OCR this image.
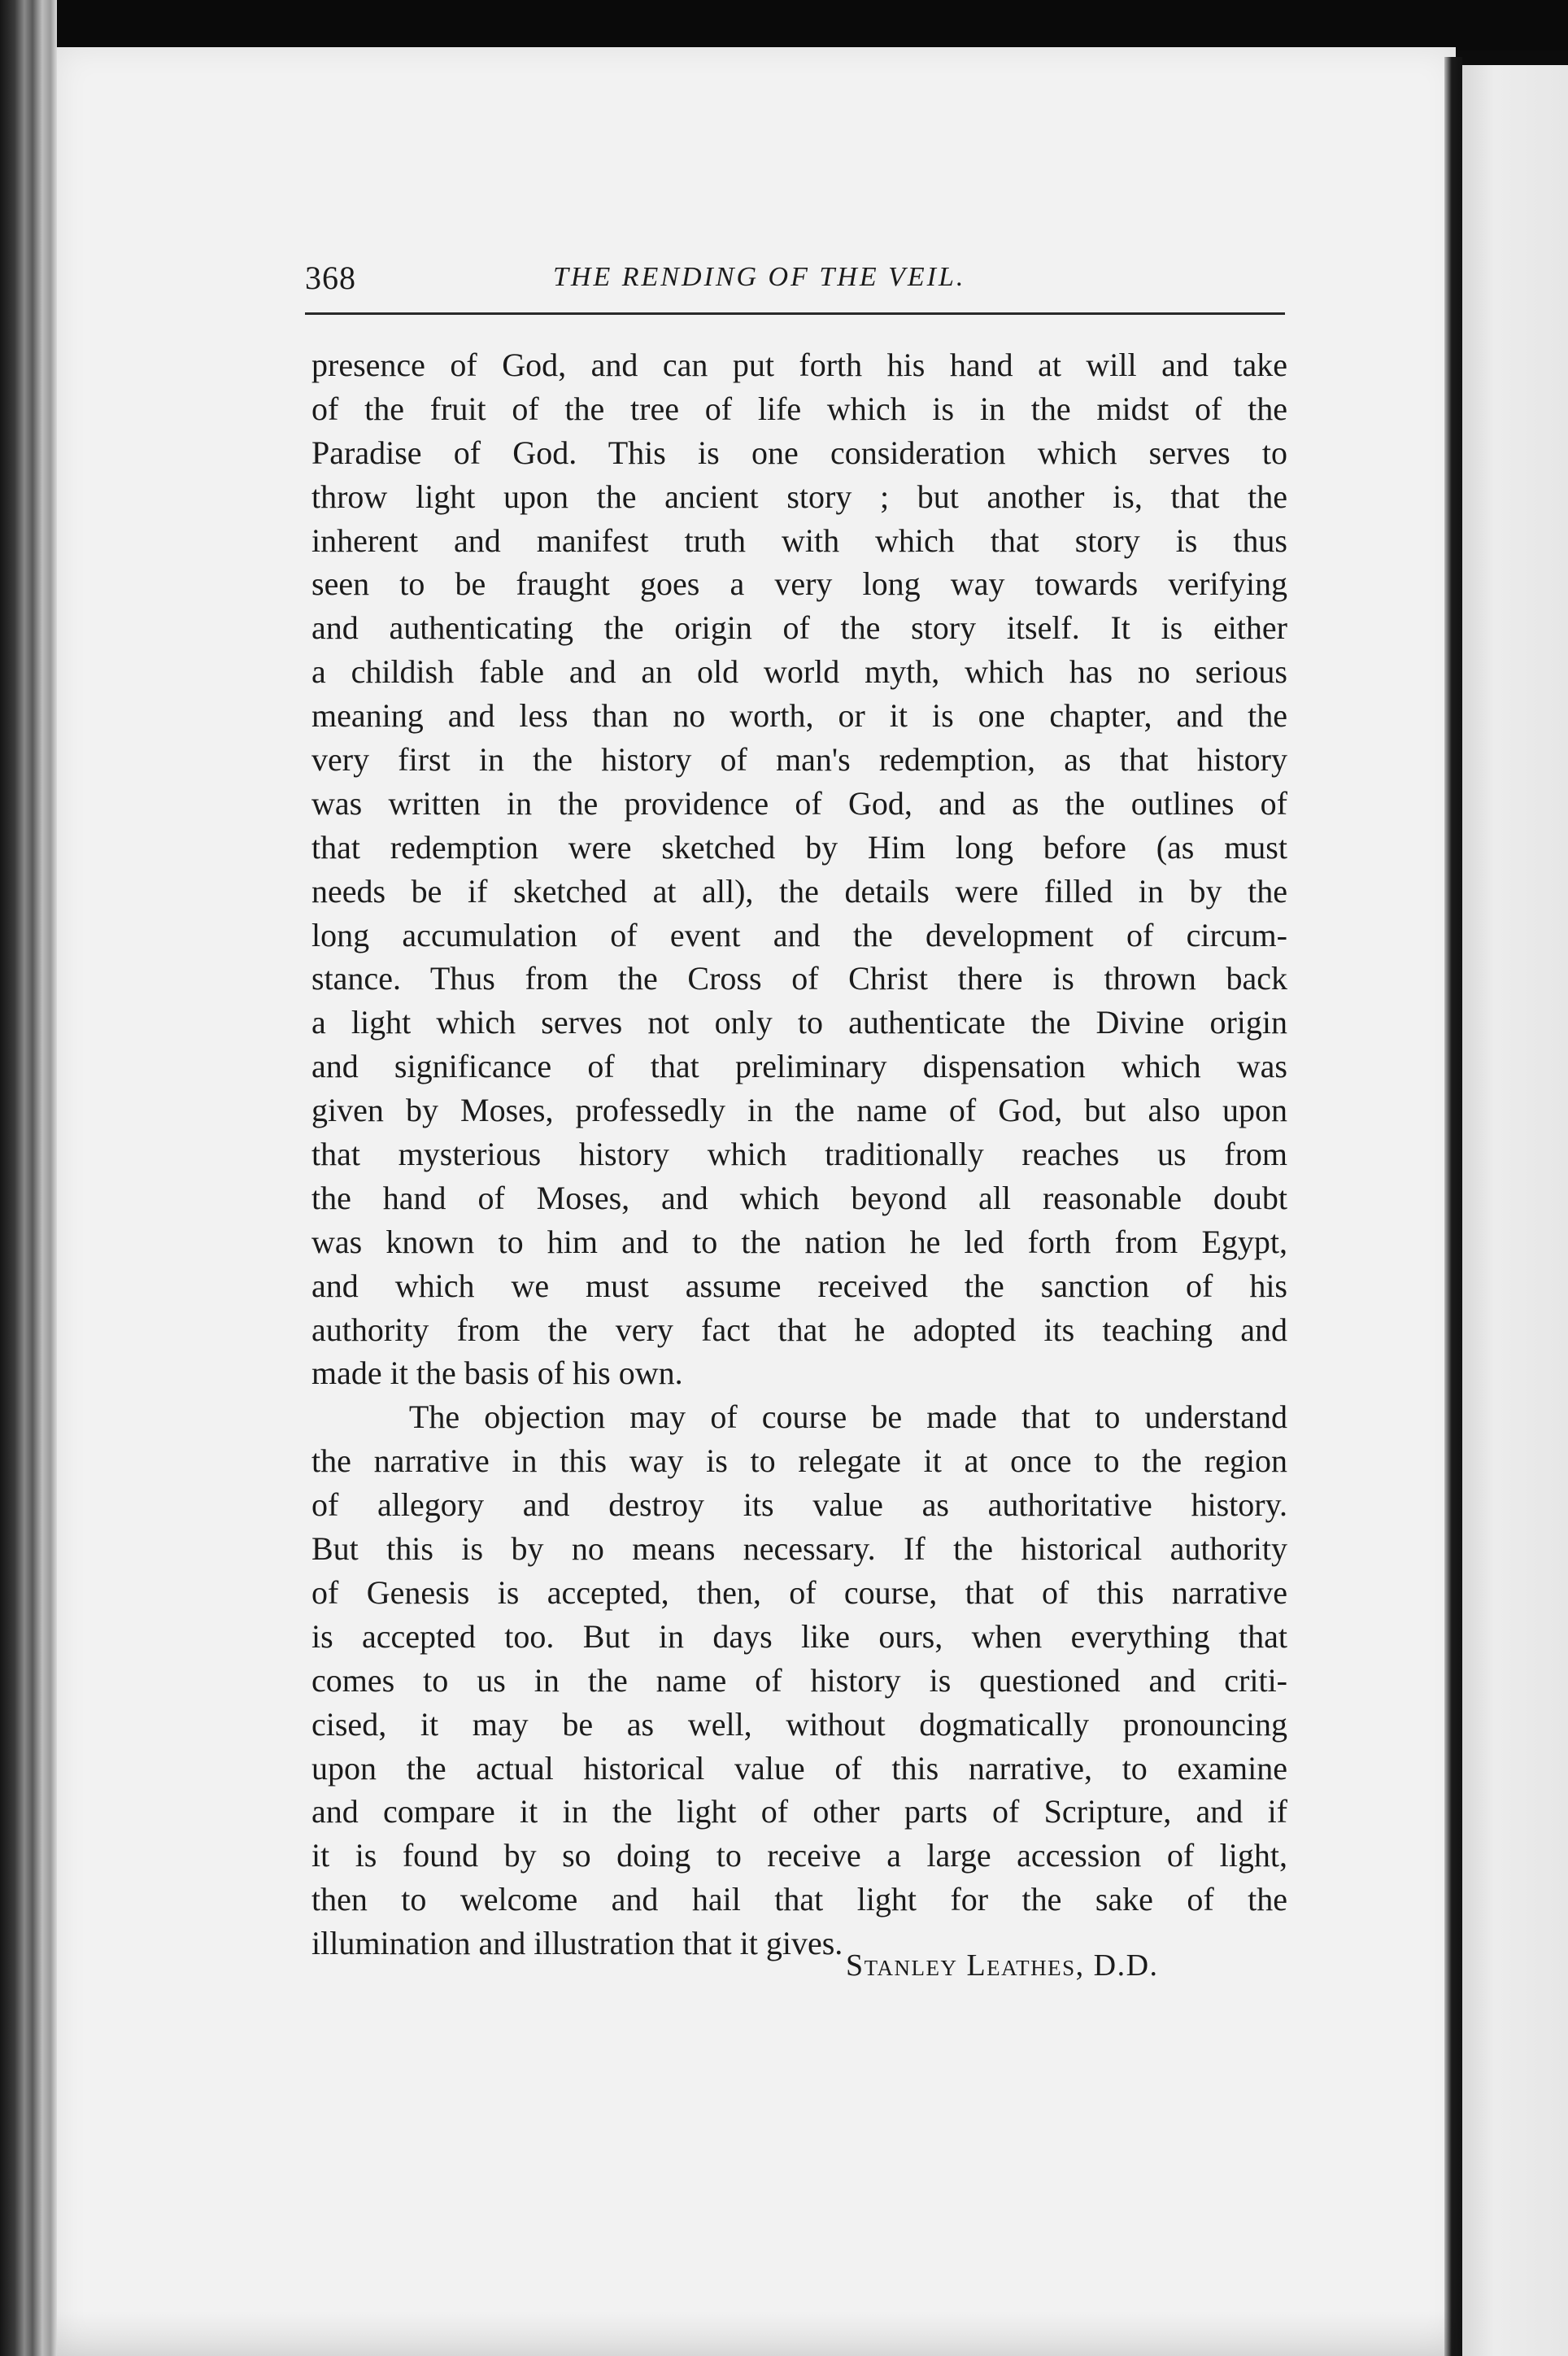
368	THE RENDING OF THE VEIL.
presence of God, and can put forth his hand at will and take
of the fruit of the tree of life which is in the midst of the
Paradise of God. This is one consideration which serves to
throw light upon the ancient story ; but another is, that the
inherent and manifest truth with which that story is thus
seen to be fraught goes a very long way towards verifying
and authenticating the origin of the story itself. It is either
a childish fable and an old world myth, which has no serious
meaning and less than no worth, or it is one chapter, and the
very first in the history of man's redemption, as that history
was written in the providence of God, and as the outlines of
that redemption were sketched by Him long before (as must
needs be if sketched at all), the details were filled in by the
long accumulation of event and the development of circum-
stance. Thus from the Cross of Christ there is thrown back
a light which serves not only to authenticate the Divine origin
and significance of that preliminary dispensation which was
given by Moses, professedly in the name of God, but also upon
that mysterious history which traditionally reaches us from
the hand of Moses, and which beyond all reasonable doubt
was known to him and to the nation he led forth from Egypt,
and which we must assume received the sanction of his
authority from the very fact that he adopted its teaching and
made it the basis of his own.
The objection may of course be made that to understand
the narrative in this way is to relegate it at once to the region
of allegory and destroy its value as authoritative history.
But this is by no means necessary. If the historical authority
of Genesis is accepted, then, of course, that of this narrative
is accepted too. But in days like ours, when everything that
comes to us in the name of history is questioned and criti-
cised, it may be as well, without dogmatically pronouncing
upon the actual historical value of this narrative, to examine
and compare it in the light of other parts of Scripture, and if
it is found by so doing to receive a large accession of light,
then to welcome and hail that light for the sake of the
illumination and illustration that it gives.
Stanley Leathes, D.D.
